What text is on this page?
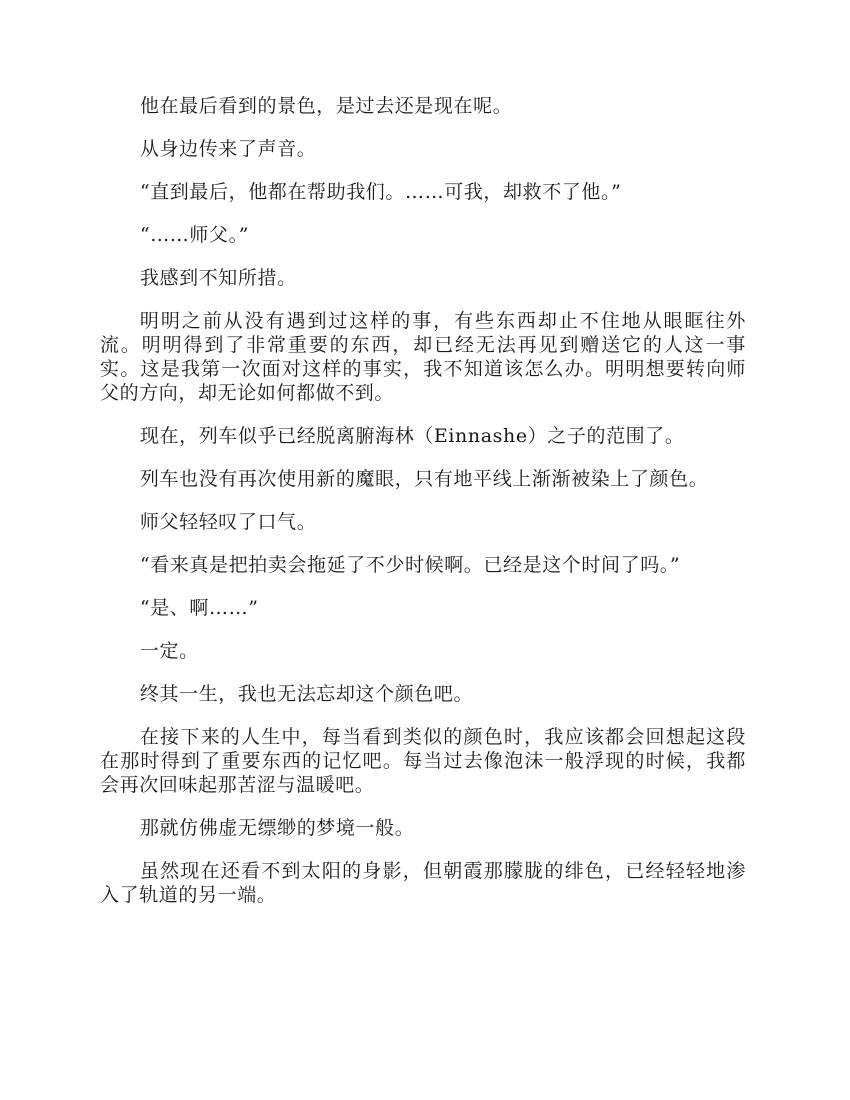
他在最后看到的景色，是过去还是现在呢。

从身边传来了声音。

“直到最后，他都在帮助我们。……可我，却救不了他。”

“……师父。”

我感到不知所措。

明明之前从没有遇到过这样的事，有些东西却止不住地从眼眶往外流。明明得到了非常重要的东西，却已经无法再见到赠送它的人这一事实。这是我第一次面对这样的事实，我不知道该怎么办。明明想要转向师父的方向，却无论如何都做不到。

现在，列车似乎已经脱离腑海林（Einnashe）之子的范围了。

列车也没有再次使用新的魔眼，只有地平线上渐渐被染上了颜色。

师父轻轻叹了口气。

“看来真是把拍卖会拖延了不少时候啊。已经是这个时间了吗。”

“是、啊……”

一定。

终其一生，我也无法忘却这个颜色吧。

在接下来的人生中，每当看到类似的颜色时，我应该都会回想起这段在那时得到了重要东西的记忆吧。每当过去像泡沫一般浮现的时候，我都会再次回味起那苦涩与温暖吧。

那就仿佛虚无缥缈的梦境一般。

虽然现在还看不到太阳的身影，但朝霞那朦胧的绯色，已经轻轻地渗入了轨道的另一端。
